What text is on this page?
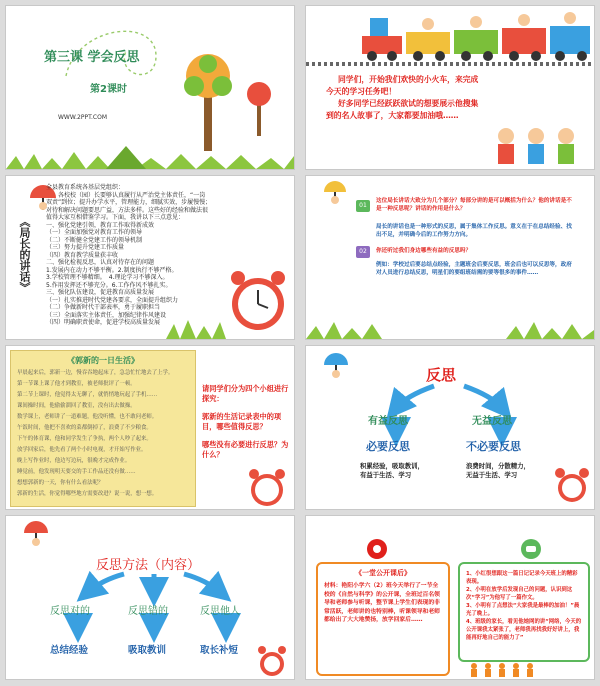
第三课 学会反思
第2课时
WWW.2PPT.COM
同学们，开始我们欢快的小火车，来完成
今天的学习任务吧！
好多同学已经跃跃欲试的想要展示他搜集
到的名人故事了，大家都要加油哦……
《局长的讲话》
全县教育系统各基层党组织：
　　各校校（园）长要够认真履行从严治党主体责任，“一岗
双责”到位；提升办学水平，管理能力，细腻实效，步履慢慢；
对待和解决问题要思广益，方法多样。这些好的经验和做法很
值得大家互相借鉴学习。下面，我讲以下三点意见：
一、强化党建引领，教育工作取得新成效
（一）全面加强党对教育工作的领导
（二）不断健全党建工作的领导机制
（三）努力提升党建工作质量
（四）教育教学质量获丰收
二、强化检视反思，认真对待存在的问题
1.发展内在动力不够平衡。2.制度执行不够严格。
3.学校管理不够精细。　4.理论学习不够深入。
5.作用发挥还不够充分。6.工作作风不够扎实。
三、强化队伍建设，促进教育高质量发展
（一）扎实推进时代党建各要求，全面提升组织力
（二）争做新时代干部表率，勇于履职担当
（三）全面落实主体责任，加强纪律作风建设
（四）明确职责使命，促进学校高质量发展
01
这位局长讲话大致分为几个部分？每部分讲的是可以概括为什么？他的讲话是不是一种反思呢？讲话的作用是什么？
局长的讲话也是一种形式的反思，属于集体工作反思。意义在于在总结经验、找出不足，并明确今后的工作努力方向。
02	你还听过我们身边哪些有益的反思吗？
例如：学校过后要总结点经验，主题班会后要反思，班会后也可以反思等，政府对人员进行总结反思，明星们的要组班结需的要等很多的事件……
《郭新的一日生活》
早晨起来后，郭新一边，慢吞吞地起床了，急急忙忙地去了上学。
第一节课上课了他才到教室，被老师批评了一顿。
第二节上课时，他觉得太无聊了，就悄悄地玩起了手机……
课间操时间，他偷偷溜回了教室，没有出去做操。
数学课上，老师讲了一道难题，他没听懂，也不敢问老师。
午饭时间，他把不喜欢的菜都倒掉了，浪费了不少粮食。
下午的体育课，他和同学发生了争执，两个人吵了起来。
放学回家后，他先看了两个小时电视，才开始写作业。
晚上写作业时，他边写边玩，很晚才完成作业。
睡觉前，他发现明天要交的手工作品还没有做……
想想郭新的一天，你有什么看法呢？
郭新的生活，你觉得哪些地方需要改进？说一说，想一想。
请同学们分为四个小组进行探究：
郭新的生活记录表中的项目，哪些值得反思？
哪些没有必要进行反思？为什么？
反思
有益反思	无益反思
必要反思	不必要反思
积累经验，吸取教训，
有益于生活、学习
浪费时间，分散精力，
无益于生活、学习
反思方法（内容）
反思对的	反思错的	反思他人
总结经验	吸取教训	取长补短
《一堂公开课后》
材料：艳阳小学六（2）班今天举行了一节全校的《自然与科学》的公开课，全班过百名领导和老师参与听课，整节课上学生们表现的非常活跃，老师讲的也特别棒，听课领导和老师都给出了大大地赞扬，放学回家后……
1、小红很想跟这一篇日记记录今天班上的精彩表现。
2、小明在放学后发现自己的问题，认识到这次“学习”为他写了一篇作文。
3、小明有了点想法“大家我是最棒的加油！”晨光了晚上。
4、班级的家长，看见他她网的讲“网络，今天的公开课我太紧张了，老师我再找我好好讲上，我能再好地自己的能力了”
